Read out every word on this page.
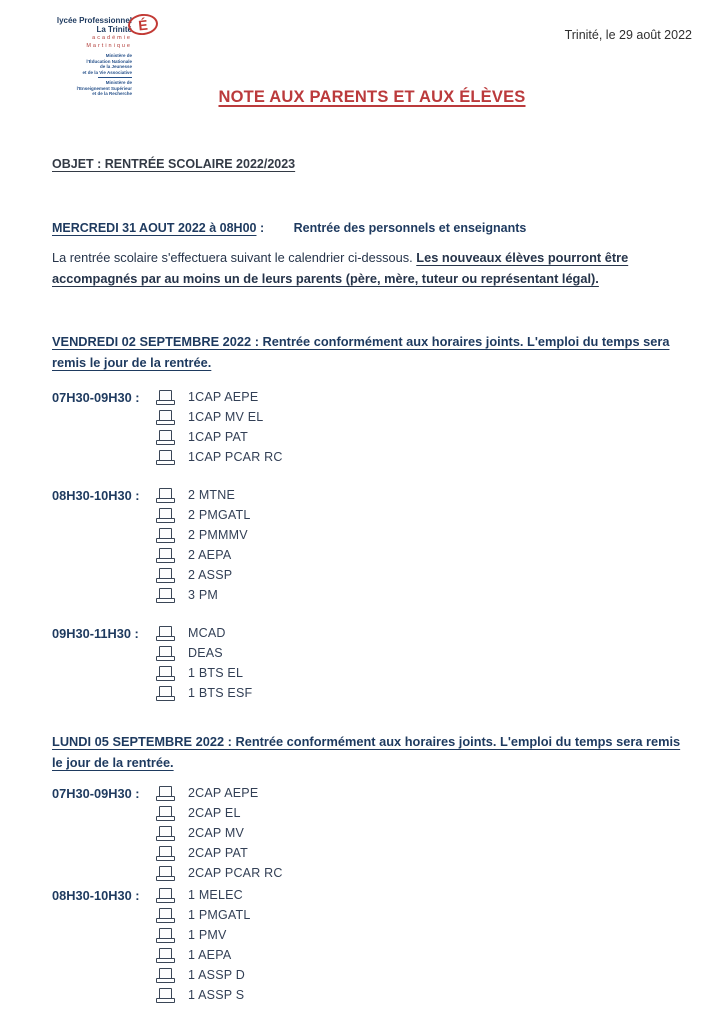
lycée Professionnel
La Trinité
académie
Martinique
Ministère de
l'Éducation Nationale
de la Jeunesse
et de la Vie Associative
Ministère de
l'Enseignement Supérieur
et de la Recherche
É
Trinité, le 29 août 2022
NOTE AUX PARENTS ET AUX ÉLÈVES
OBJET : RENTRÉE SCOLAIRE 2022/2023
MERCREDI 31 AOUT 2022 à 08H00 : Rentrée des personnels et enseignants

La rentrée scolaire s'effectuera suivant le calendrier ci-dessous. Les nouveaux élèves pourront être accompagnés par au moins un de leurs parents (père, mère, tuteur ou représentant légal).

VENDREDI 02 SEPTEMBRE 2022 : Rentrée conformément aux horaires joints. L'emploi du temps sera remis le jour de la rentrée.
07H30-09H30 :	1CAP AEPE
1CAP MV EL
1CAP PAT
1CAP PCAR RC
08H30-10H30 :	2 MTNE
2 PMGATL
2 PMMMV
2 AEPA
2 ASSP
3 PM
09H30-11H30 :	MCAD
DEAS
1 BTS EL
1 BTS ESF
LUNDI 05 SEPTEMBRE 2022 : Rentrée conformément aux horaires joints. L'emploi du temps sera remis le jour de la rentrée.
07H30-09H30 :	2CAP AEPE
2CAP EL
2CAP MV
2CAP PAT
2CAP PCAR RC
08H30-10H30 :	1 MELEC
1 PMGATL
1 PMV
1 AEPA
1 ASSP D
1 ASSP S
